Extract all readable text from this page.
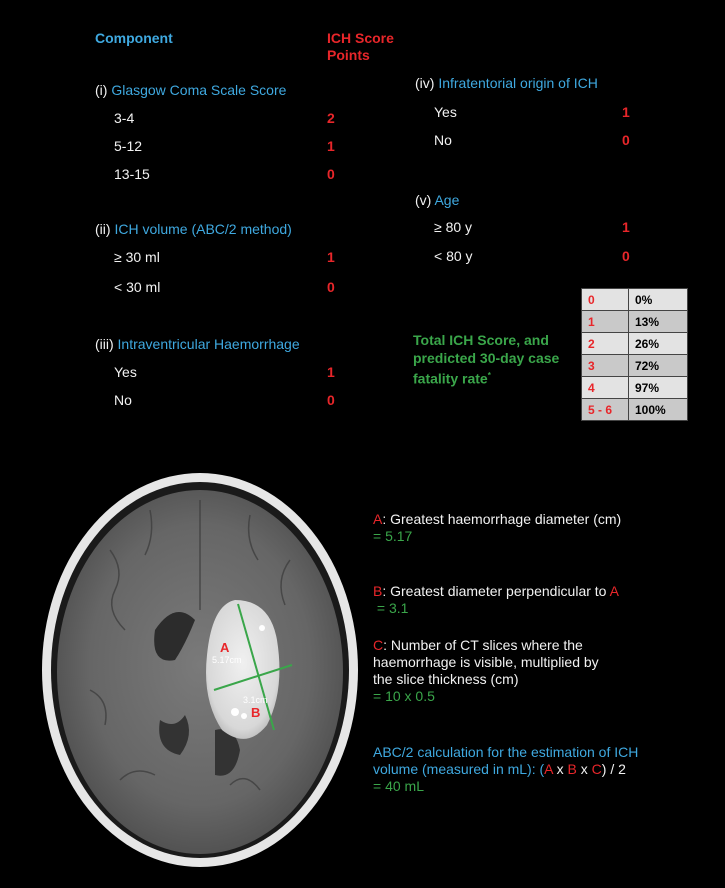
Component	ICH Score Points
(i) Glasgow Coma Scale Score
3-4	2
5-12	1
13-15	0
(ii) ICH volume (ABC/2 method)
≥ 30 ml	1
< 30 ml	0
(iii) Intraventricular Haemorrhage
Yes	1
No	0
(iv) Infratentorial origin of ICH
Yes	1
No	0
(v) Age
≥ 80 y	1
< 80 y	0
Total ICH Score, and
predicted 30-day case
fatality rate*
0	0%
1	13%
2	26%
3	72%
4	97%
5 - 6	100%
A
5.17cm
3.1cm
B
A: Greatest haemorrhage diameter (cm)
= 5.17
B: Greatest diameter perpendicular to A
= 3.1
C: Number of CT slices where the
haemorrhage is visible, multiplied by
the slice thickness (cm)
= 10 x 0.5
ABC/2 calculation for the estimation of ICH
volume (measured in mL): (A x B x C) / 2
= 40 mL
